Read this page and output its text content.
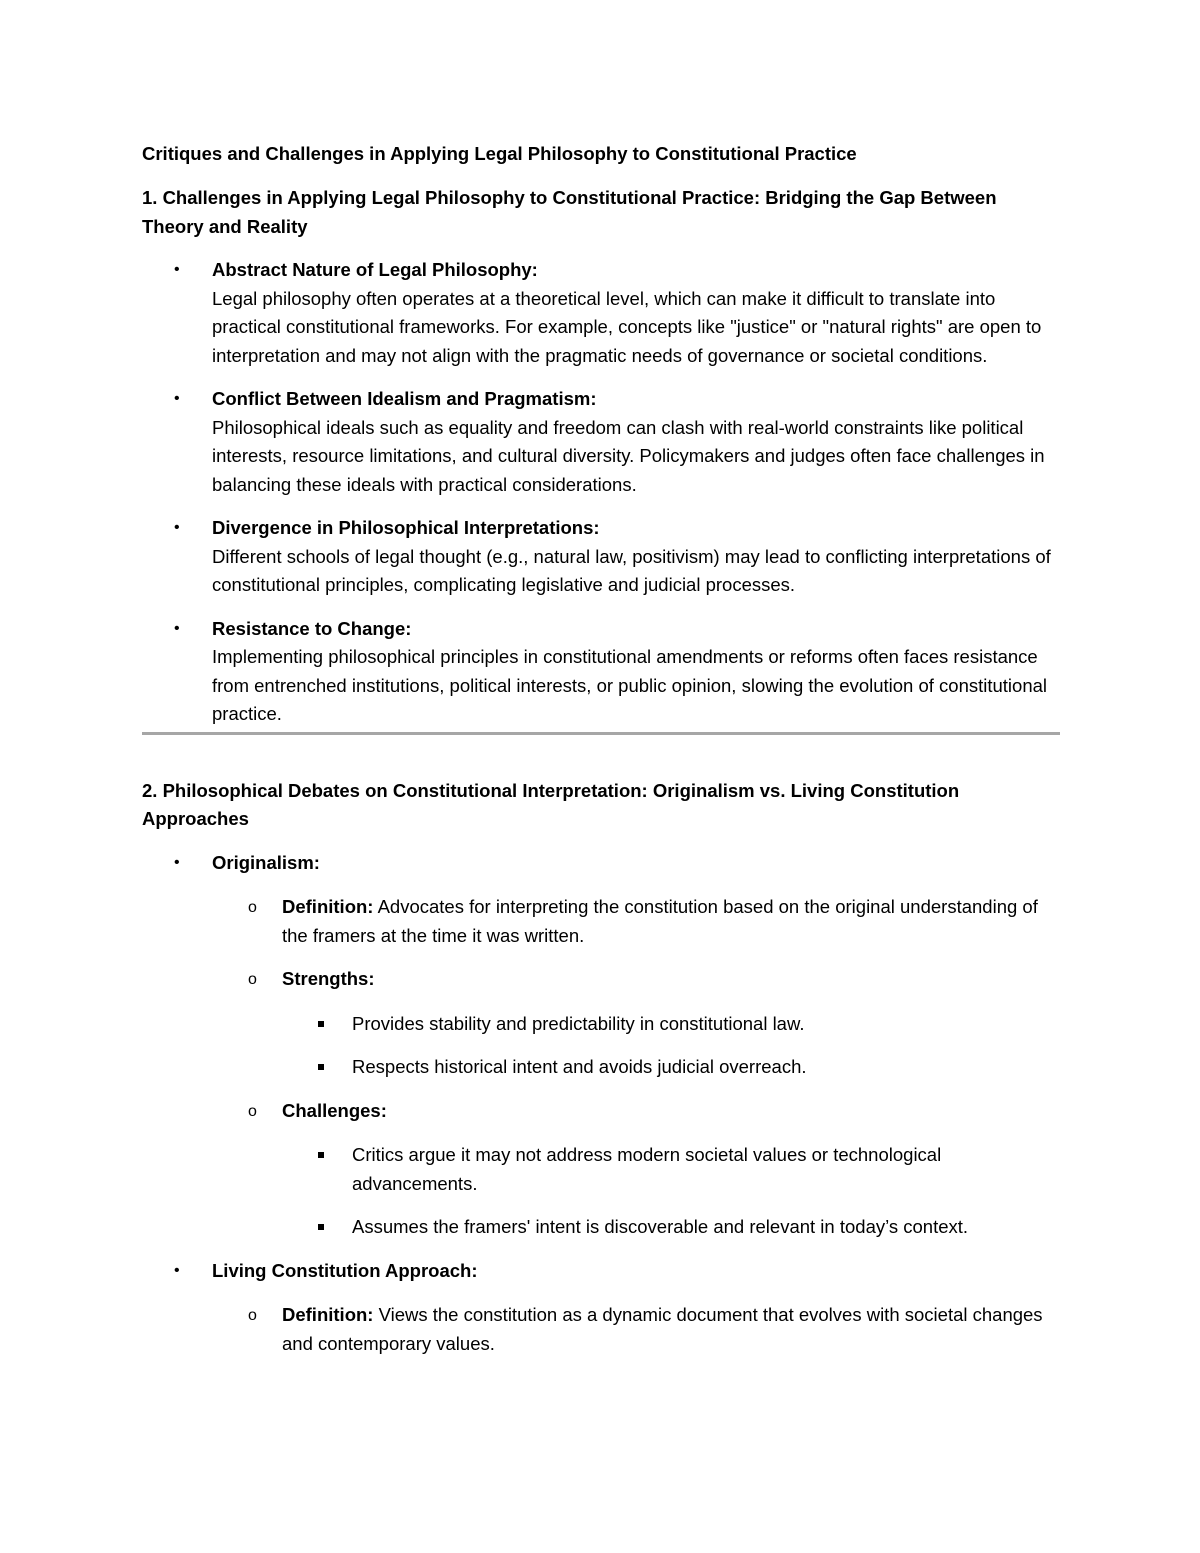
Critiques and Challenges in Applying Legal Philosophy to Constitutional Practice
1. Challenges in Applying Legal Philosophy to Constitutional Practice: Bridging the Gap Between Theory and Reality
• Abstract Nature of Legal Philosophy:
Legal philosophy often operates at a theoretical level, which can make it difficult to translate into practical constitutional frameworks. For example, concepts like "justice" or "natural rights" are open to interpretation and may not align with the pragmatic needs of governance or societal conditions.
• Conflict Between Idealism and Pragmatism:
Philosophical ideals such as equality and freedom can clash with real-world constraints like political interests, resource limitations, and cultural diversity. Policymakers and judges often face challenges in balancing these ideals with practical considerations.
• Divergence in Philosophical Interpretations:
Different schools of legal thought (e.g., natural law, positivism) may lead to conflicting interpretations of constitutional principles, complicating legislative and judicial processes.
• Resistance to Change:
Implementing philosophical principles in constitutional amendments or reforms often faces resistance from entrenched institutions, political interests, or public opinion, slowing the evolution of constitutional practice.
2. Philosophical Debates on Constitutional Interpretation: Originalism vs. Living Constitution Approaches
• Originalism:
o Definition: Advocates for interpreting the constitution based on the original understanding of the framers at the time it was written.
o Strengths:
Provides stability and predictability in constitutional law.
Respects historical intent and avoids judicial overreach.
o Challenges:
Critics argue it may not address modern societal values or technological advancements.
Assumes the framers' intent is discoverable and relevant in today’s context.
• Living Constitution Approach:
o Definition: Views the constitution as a dynamic document that evolves with societal changes and contemporary values.
